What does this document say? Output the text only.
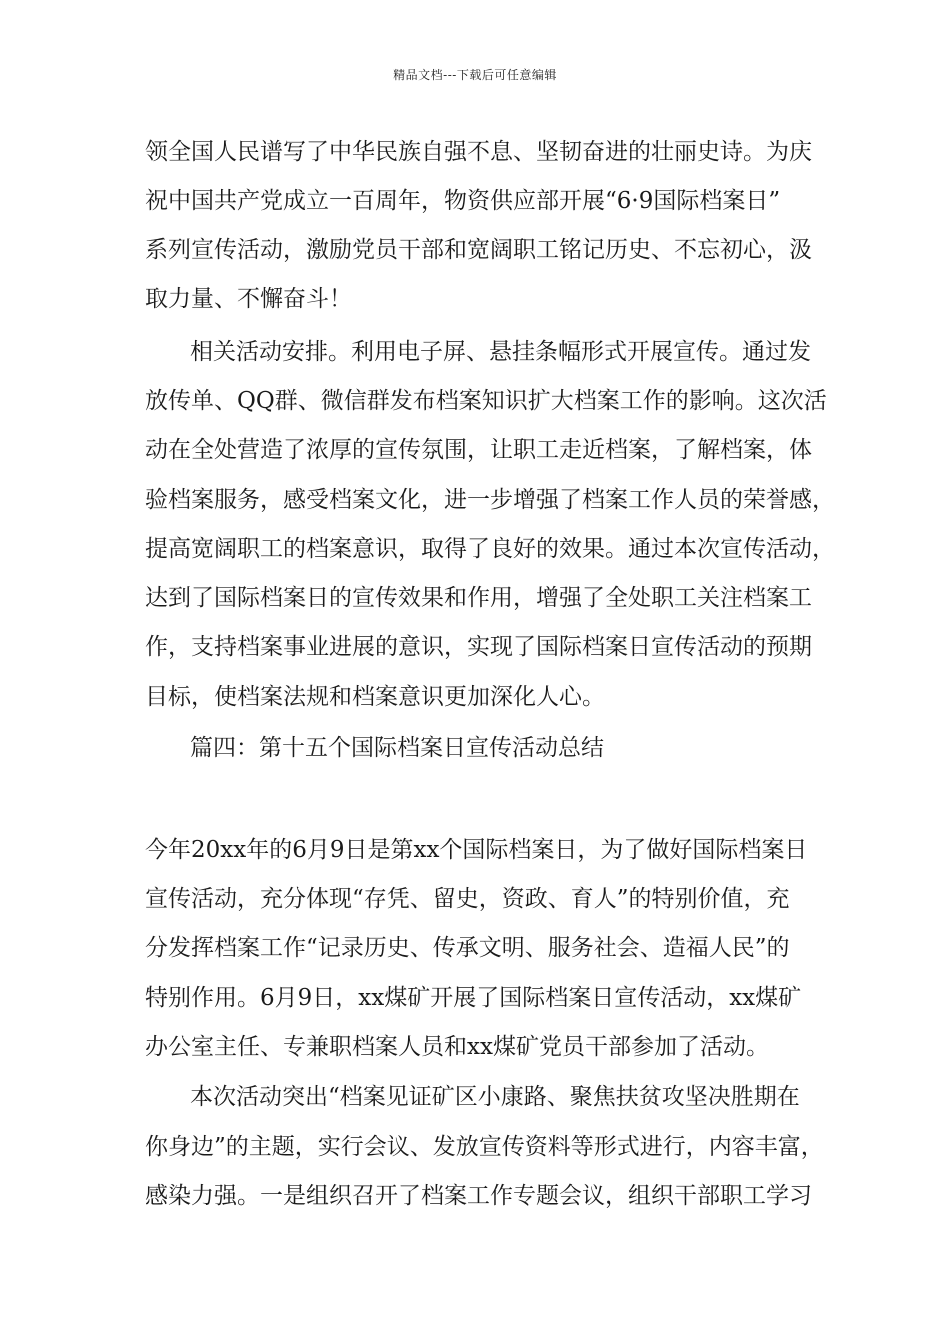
精品文档---下载后可任意编辑
领全国人民谱写了中华民族自强不息、坚韧奋进的壮丽史诗。为庆
祝中国共产党成立一百周年，物资供应部开展“6·9国际档案日”
系列宣传活动，激励党员干部和宽阔职工铭记历史、不忘初心，汲
取力量、不懈奋斗！
相关活动安排。利用电子屏、悬挂条幅形式开展宣传。通过发
放传单、QQ群、微信群发布档案知识扩大档案工作的影响。这次活
动在全处营造了浓厚的宣传氛围，让职工走近档案，了解档案，体
验档案服务，感受档案文化，进一步增强了档案工作人员的荣誉感，
提高宽阔职工的档案意识，取得了良好的效果。通过本次宣传活动，
达到了国际档案日的宣传效果和作用，增强了全处职工关注档案工
作，支持档案事业进展的意识，实现了国际档案日宣传活动的预期
目标，使档案法规和档案意识更加深化人心。
篇四：第十五个国际档案日宣传活动总结
今年20xx年的6月9日是第xx个国际档案日，为了做好国际档案日
宣传活动，充分体现“存凭、留史，资政、育人”的特别价值，充
分发挥档案工作“记录历史、传承文明、服务社会、造福人民”的
特别作用。6月9日，xx煤矿开展了国际档案日宣传活动，xx煤矿
办公室主任、专兼职档案人员和xx煤矿党员干部参加了活动。
本次活动突出“档案见证矿区小康路、聚焦扶贫攻坚决胜期在
你身边”的主题，实行会议、发放宣传资料等形式进行，内容丰富，
感染力强。一是组织召开了档案工作专题会议，组织干部职工学习
